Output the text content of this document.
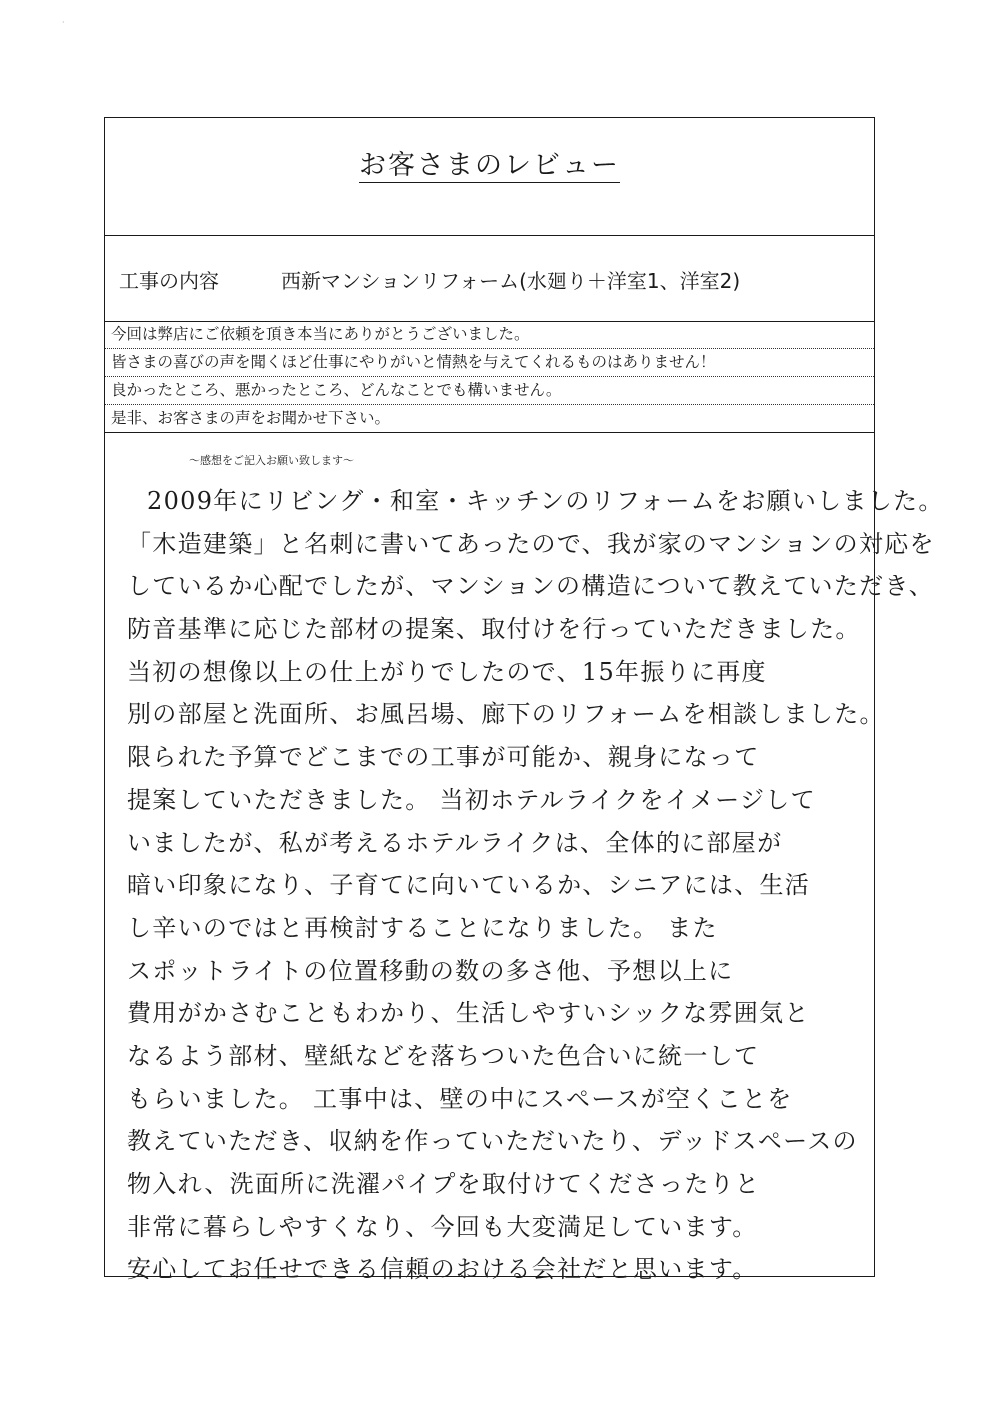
·
お客さまのレビュー
工事の内容	西新マンションリフォーム(水廻り＋洋室1、洋室2)
今回は弊店にご依頼を頂き本当にありがとうございました。
皆さまの喜びの声を聞くほど仕事にやりがいと情熱を与えてくれるものはありません！
良かったところ、悪かったところ、どんなことでも構いません。
是非、お客さまの声をお聞かせ下さい。
～感想をご記入お願い致します～
2009年にリビング・和室・キッチンのリフォームをお願いしました。
「木造建築」と名刺に書いてあったので、我が家のマンションの対応を
しているか心配でしたが、マンションの構造について教えていただき、
防音基準に応じた部材の提案、取付けを行っていただきました。
当初の想像以上の仕上がりでしたので、15年振りに再度
別の部屋と洗面所、お風呂場、廊下のリフォームを相談しました。
限られた予算でどこまでの工事が可能か、親身になって
提案していただきました。 当初ホテルライクをイメージして
いましたが、私が考えるホテルライクは、全体的に部屋が
暗い印象になり、子育てに向いているか、シニアには、生活
し辛いのではと再検討することになりました。 また
スポットライトの位置移動の数の多さ他、予想以上に
費用がかさむこともわかり、生活しやすいシックな雰囲気と
なるよう部材、壁紙などを落ちついた色合いに統一して
もらいました。 工事中は、壁の中にスペースが空くことを
教えていただき、収納を作っていただいたり、デッドスペースの
物入れ、洗面所に洗濯パイプを取付けてくださったりと
非常に暮らしやすくなり、今回も大変満足しています。
安心してお任せできる信頼のおける会社だと思います。
